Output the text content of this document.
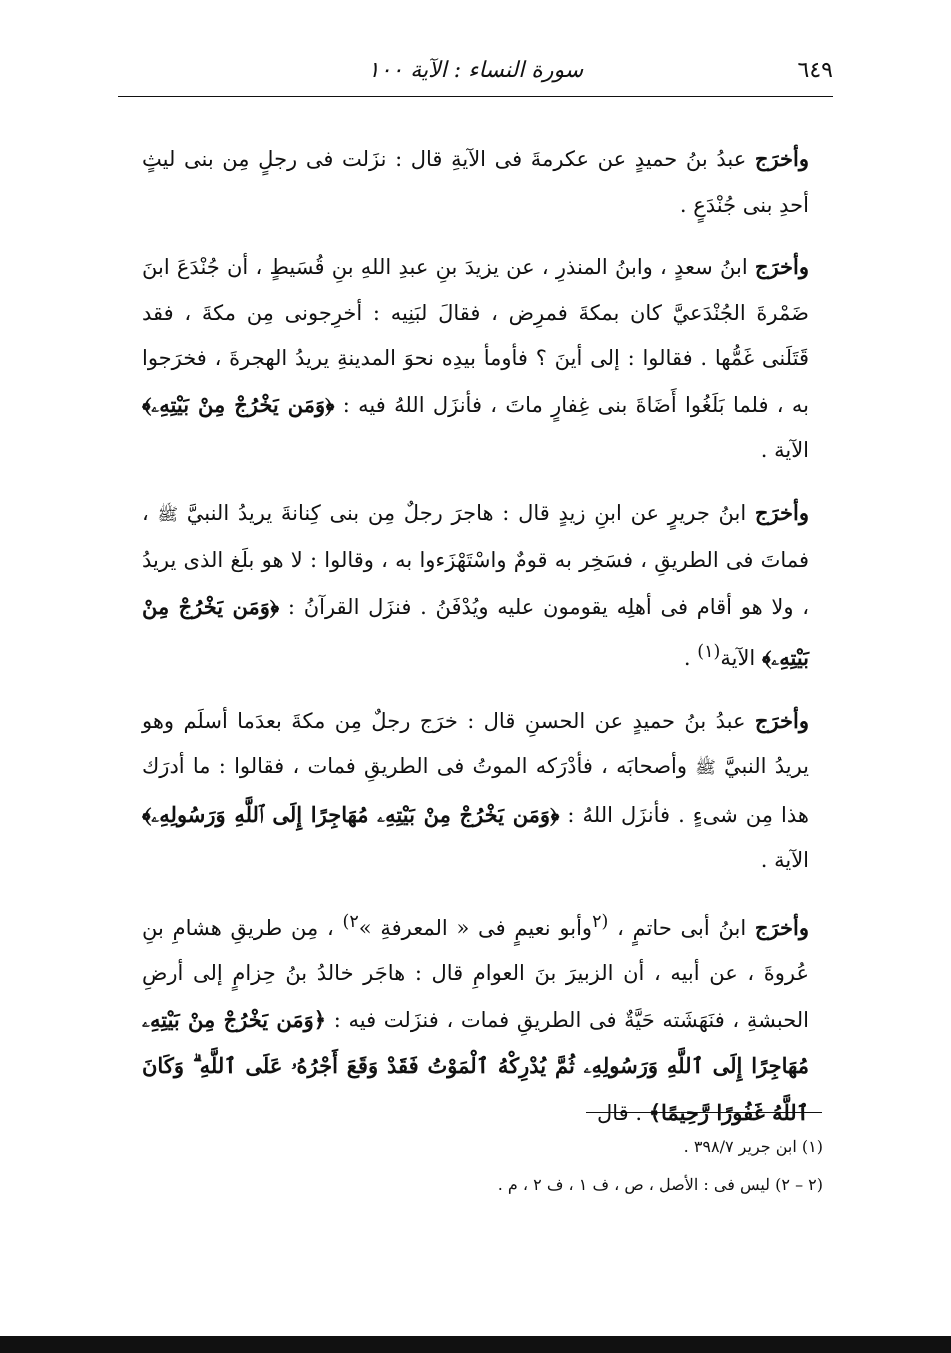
٦٤٩
سورة النساء : الآية ١٠٠

وأخرَج عبدُ بنُ حميدٍ عن عكرمةَ فى الآيةِ قال : نزَلت فى رجلٍ مِن بنى ليثٍ أحدِ بنى جُنْدَعٍ .

وأخرَج ابنُ سعدٍ ، وابنُ المنذرِ ، عن يزيدَ بنِ عبدِ اللهِ بنِ قُسَيطٍ ، أن جُنْدَعَ ابنَ ضَمْرةَ الجُنْدَعيَّ كان بمكةَ فمرِض ، فقالَ لبَنِيه : أخرِجونى مِن مكةَ ، فقد قَتَلَنى غَمُّها . فقالوا : إلى أينَ ؟ فأومأ بيدِه نحوَ المدينةِ يريدُ الهجرةَ ، فخرَجوا به ، فلما بَلَغُوا أَضَاةَ بنى غِفارٍ ماتَ ، فأنزَل اللهُ فيه : ﴿وَمَن يَخْرُجْ مِنْ بَيْتِهِۦ﴾ الآية .

وأخرَج ابنُ جريرٍ عن ابنِ زيدٍ قال : هاجرَ رجلٌ مِن بنى كِنانةَ يريدُ النبيَّ ﷺ ، فماتَ فى الطريقِ ، فسَخِر به قومٌ واسْتَهْزَءوا به ، وقالوا : لا هو بلَغ الذى يريدُ ، ولا هو أقام فى أهلِه يقومون عليه ويُدْفَنُ . فنزَل القرآنُ : ﴿وَمَن يَخْرُجْ مِنْ بَيْتِهِۦ﴾ الآية$^{(١)}$ .

وأخرَج عبدُ بنُ حميدٍ عن الحسنِ قال : خرَج رجلٌ مِن مكةَ بعدَما أسلَم وهو يريدُ النبيَّ ﷺ وأصحابَه ، فأدْرَكه الموتُ فى الطريقِ فمات ، فقالوا : ما أدرَك هذا مِن شىءٍ . فأنزَل اللهُ : ﴿وَمَن يَخْرُجْ مِنْ بَيْتِهِۦ مُهَاجِرًا إِلَى ٱللَّهِ وَرَسُولِهِۦ﴾ الآية .

وأخرَج ابنُ أبى حاتمٍ ، $^{(٢}$وأبو نعيمٍ فى « المعرفةِ »$^{٢)}$ ، مِن طريقِ هشامِ بنِ عُروةَ ، عن أبيه ، أن الزبيرَ بنَ العوامِ قال : هاجَر خالدُ بنُ حِزامٍ إلى أرضِ الحبشةِ ، فنَهَشَته حَيَّةٌ فى الطريقِ فمات ، فنزَلت فيه : ﴿وَمَن يَخْرُجْ مِنْ بَيْتِهِۦ مُهَاجِرًا إِلَى ٱللَّهِ وَرَسُولِهِۦ ثُمَّ يُدْرِكْهُ ٱلْمَوْتُ فَقَدْ وَقَعَ أَجْرُهُۥ عَلَى ٱللَّهِ ۗ وَكَانَ ٱللَّهُ غَفُورًا رَّحِيمًا﴾ . قال

(١) ابن جرير ٣٩٨/٧ .
(٢ – ٢) ليس فى : الأصل ، ص ، ف ١ ، ف ٢ ، م .
